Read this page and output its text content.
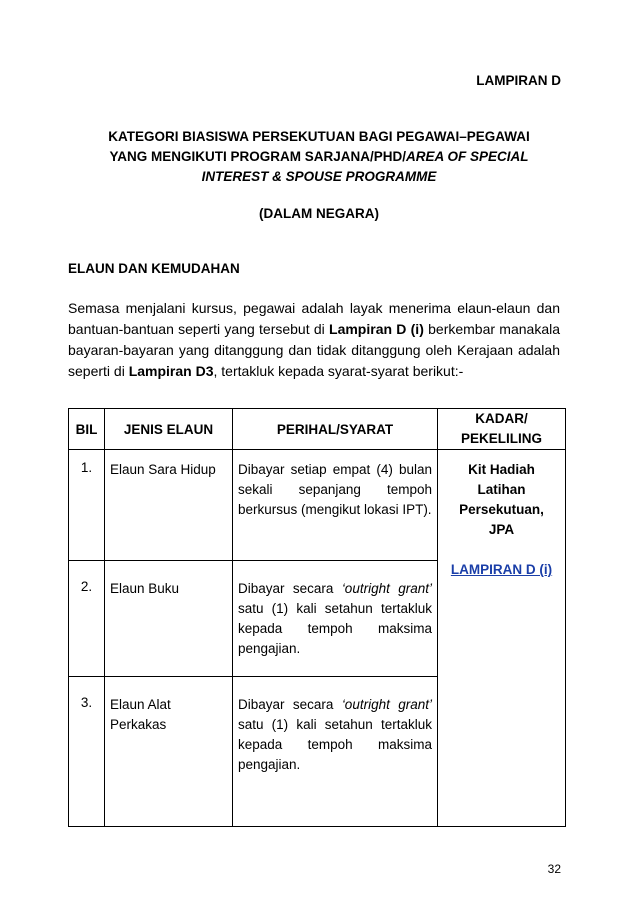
LAMPIRAN D
KATEGORI BIASISWA PERSEKUTUAN BAGI PEGAWAI–PEGAWAI
YANG MENGIKUTI PROGRAM SARJANA/PHD/AREA OF SPECIAL
INTEREST & SPOUSE PROGRAMME
(DALAM NEGARA)
ELAUN DAN KEMUDAHAN
Semasa menjalani kursus, pegawai adalah layak menerima elaun-elaun dan bantuan-bantuan seperti yang tersebut di Lampiran D (i) berkembar manakala bayaran-bayaran yang ditanggung dan tidak ditanggung oleh Kerajaan adalah seperti di Lampiran D3, tertakluk kepada syarat-syarat berikut:-
BIL	JENIS ELAUN	PERIHAL/SYARAT	KADAR/ PEKELILING
1.	Elaun Sara Hidup	Dibayar setiap empat (4) bulan sekali sepanjang tempoh berkursus (mengikut lokasi IPT).	Kit Hadiah Latihan Persekutuan, JPA
LAMPIRAN D (i)
2.	Elaun Buku	Dibayar secara ‘outright grant’ satu (1) kali setahun tertakluk kepada tempoh maksima pengajian.	
3.	Elaun Alat Perkakas	Dibayar secara ‘outright grant’ satu (1) kali setahun tertakluk kepada tempoh maksima pengajian.	
32
